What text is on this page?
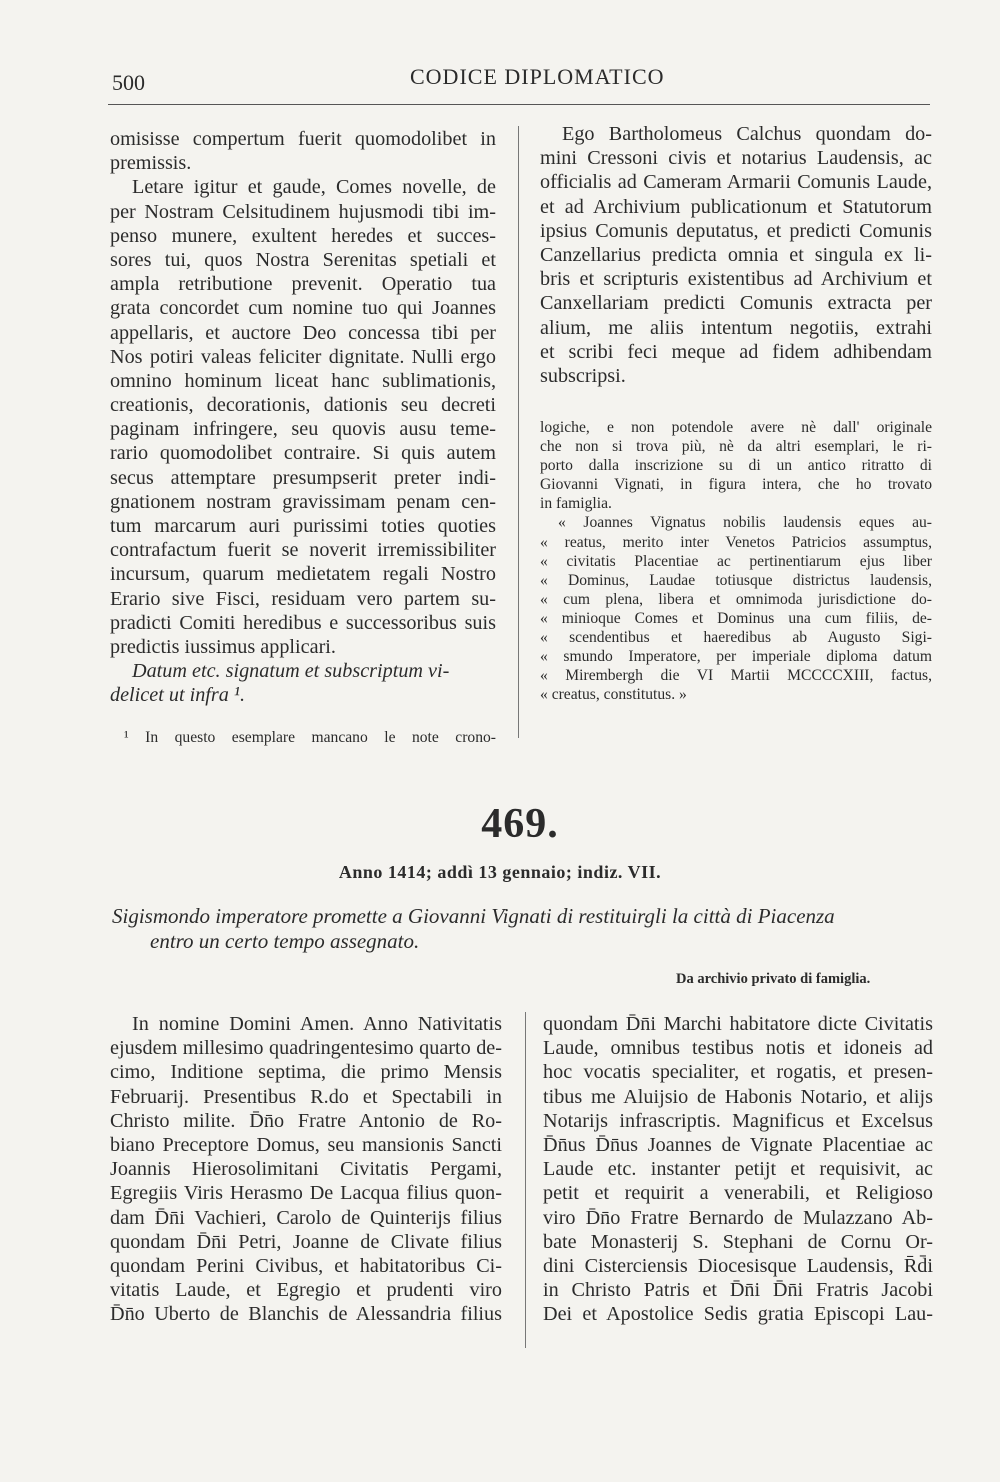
500	CODICE DIPLOMATICO
omisisse compertum fuerit quomodolibet in
premissis.
Letare igitur et gaude, Comes novelle, de
per Nostram Celsitudinem hujusmodi tibi im-
penso munere, exultent heredes et succes-
sores tui, quos Nostra Serenitas spetiali et
ampla retributione prevenit. Operatio tua
grata concordet cum nomine tuo qui Joannes
appellaris, et auctore Deo concessa tibi per
Nos potiri valeas feliciter dignitate. Nulli ergo
omnino hominum liceat hanc sublimationis,
creationis, decorationis, dationis seu decreti
paginam infringere, seu quovis ausu teme-
rario quomodolibet contraire. Si quis autem
secus attemptare presumpserit preter indi-
gnationem nostram gravissimam penam cen-
tum marcarum auri purissimi toties quoties
contrafactum fuerit se noverit irremissibiliter
incursum, quarum medietatem regali Nostro
Erario sive Fisci, residuam vero partem su-
pradicti Comiti heredibus e successoribus suis
predictis iussimus applicari.
Datum etc. signatum et subscriptum vi-
delicet ut infra ¹.
¹ In questo esemplare mancano le note crono-
Ego Bartholomeus Calchus quondam do-
mini Cressoni civis et notarius Laudensis, ac
officialis ad Cameram Armarii Comunis Laude,
et ad Archivium publicationum et Statutorum
ipsius Comunis deputatus, et predicti Comunis
Canzellarius predicta omnia et singula ex li-
bris et scripturis existentibus ad Archivium et
Canxellariam predicti Comunis extracta per
alium, me aliis intentum negotiis, extrahi
et scribi feci meque ad fidem adhibendam
subscripsi.
logiche, e non potendole avere nè dall' originale
che non si trova più, nè da altri esemplari, le ri-
porto dalla inscrizione su di un antico ritratto di
Giovanni Vignati, in figura intera, che ho trovato
in famiglia.
« Joannes Vignatus nobilis laudensis eques au-
« reatus, merito inter Venetos Patricios assumptus,
« civitatis Placentiae ac pertinentiarum ejus liber
« Dominus, Laudae totiusque districtus laudensis,
« cum plena, libera et omnimoda jurisdictione do-
« minioque Comes et Dominus una cum filiis, de-
« scendentibus et haeredibus ab Augusto Sigi-
« smundo Imperatore, per imperiale diploma datum
« Mirembergh die VI Martii MCCCCXIII, factus,
« creatus, constitutus. »
469.
Anno 1414; addì 13 gennaio; indiz. VII.
Sigismondo imperatore promette a Giovanni Vignati di restituirgli la città di Piacenza
entro un certo tempo assegnato.
Da archivio privato di famiglia.
In nomine Domini Amen. Anno Nativitatis
ejusdem millesimo quadringentesimo quarto de-
cimo, Inditione septima, die primo Mensis
Februarij. Presentibus R.do et Spectabili in
Christo milite. D̄n̄o Fratre Antonio de Ro-
biano Preceptore Domus, seu mansionis Sancti
Joannis Hierosolimitani Civitatis Pergami,
Egregiis Viris Herasmo De Lacqua filius quon-
dam D̄n̄i Vachieri, Carolo de Quinterijs filius
quondam D̄n̄i Petri, Joanne de Clivate filius
quondam Perini Civibus, et habitatoribus Ci-
vitatis Laude, et Egregio et prudenti viro
D̄n̄o Uberto de Blanchis de Alessandria filius
quondam D̄n̄i Marchi habitatore dicte Civitatis
Laude, omnibus testibus notis et idoneis ad
hoc vocatis specialiter, et rogatis, et presen-
tibus me Aluijsio de Habonis Notario, et alijs
Notarijs infrascriptis. Magnificus et Excelsus
D̄n̄us D̄n̄us Joannes de Vignate Placentiae ac
Laude etc. instanter petijt et requisivit, ac
petit et requirit a venerabili, et Religioso
viro D̄n̄o Fratre Bernardo de Mulazzano Ab-
bate Monasterij S. Stephani de Cornu Or-
dini Cisterciensis Diocesisque Laudensis, R̄d̄i
in Christo Patris et D̄n̄i D̄n̄i Fratris Jacobi
Dei et Apostolice Sedis gratia Episcopi Lau-
